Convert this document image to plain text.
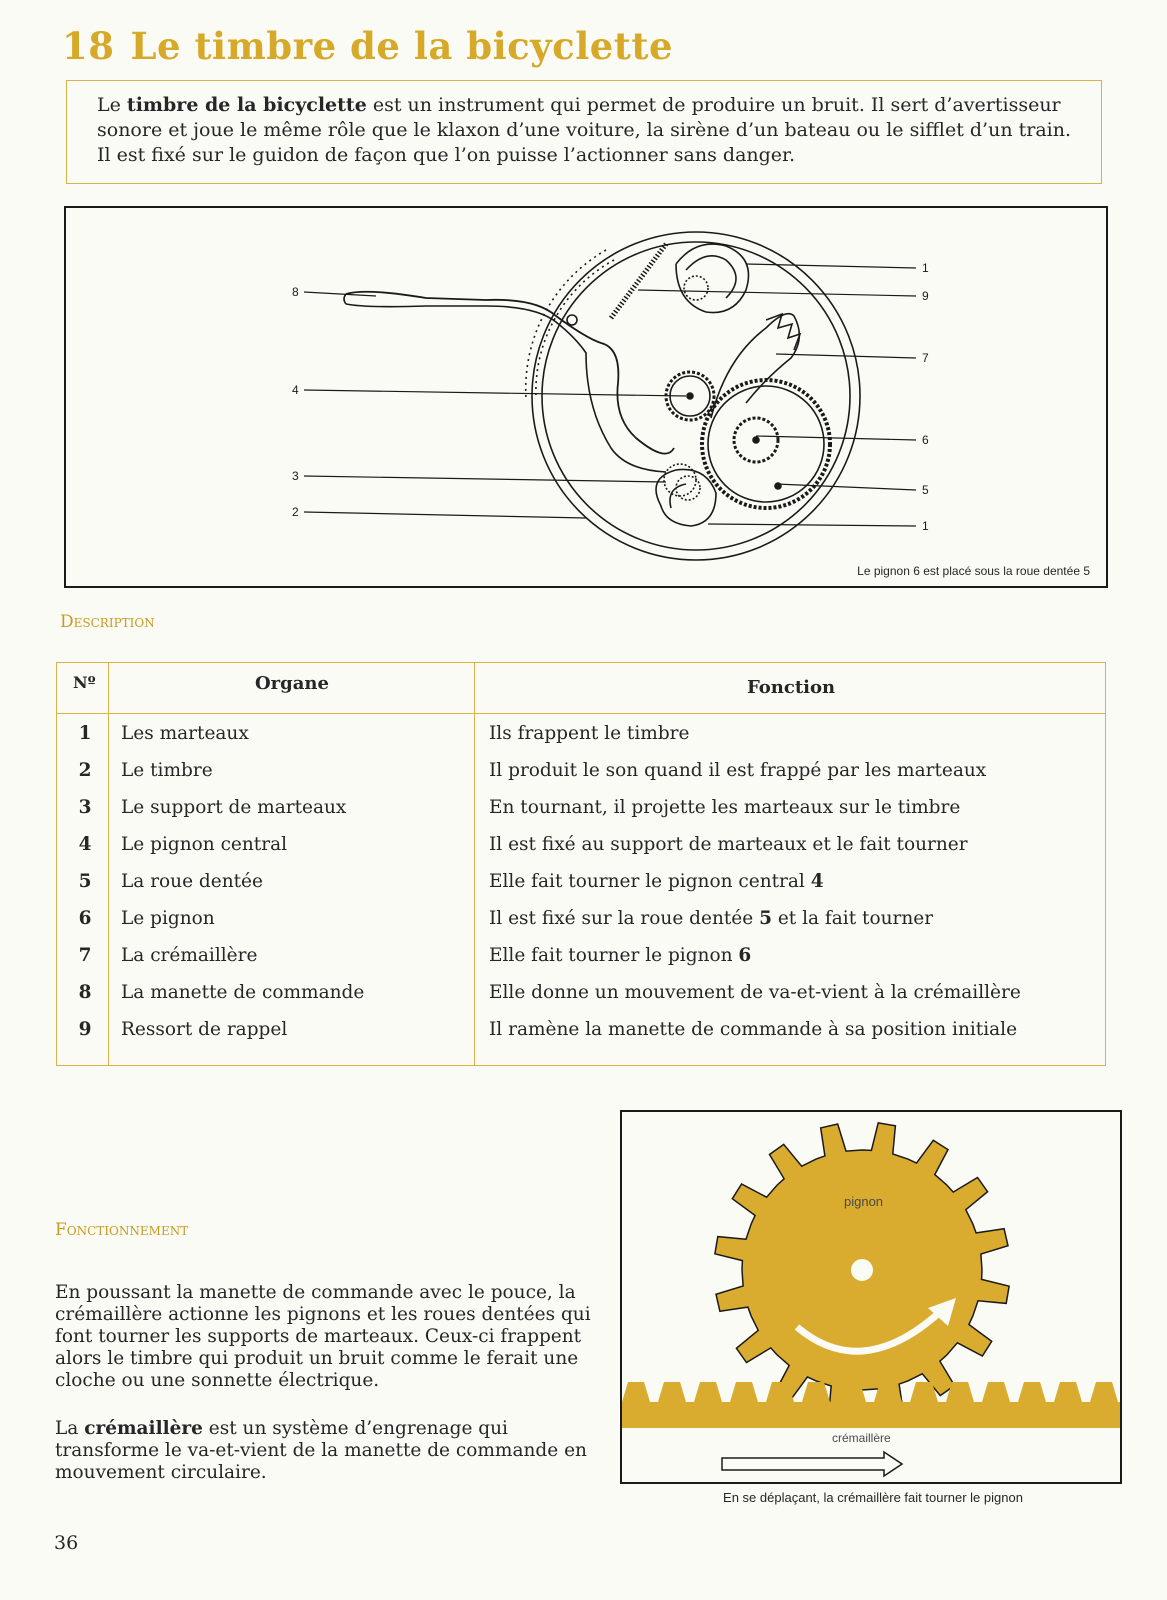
18 Le timbre de la bicyclette
Le timbre de la bicyclette est un instrument qui permet de produire un bruit. Il sert d’avertisseur sonore et joue le même rôle que le klaxon d’une voiture, la sirène d’un bateau ou le sifflet d’un train. Il est fixé sur le guidon de façon que l’on puisse l’actionner sans danger.
1
9
7
6
5
1
8
4
3
2
Le pignon 6 est placé sous la roue dentée 5
Description
Nº	Organe	Fonction
1	Les marteaux	Ils frappent le timbre
2	Le timbre	Il produit le son quand il est frappé par les marteaux
3	Le support de marteaux	En tournant, il projette les marteaux sur le timbre
4	Le pignon central	Il est fixé au support de marteaux et le fait tourner
5	La roue dentée	Elle fait tourner le pignon central 4
6	Le pignon	Il est fixé sur la roue dentée 5 et la fait tourner
7	La crémaillère	Elle fait tourner le pignon 6
8	La manette de commande	Elle donne un mouvement de va-et-vient à la crémaillère
9	Ressort de rappel	Il ramène la manette de commande à sa position initiale
Fonctionnement

En poussant la manette de commande avec le pouce, la crémaillère actionne les pignons et les roues dentées qui font tourner les supports de marteaux. Ceux-ci frappent alors le timbre qui produit un bruit comme le ferait une cloche ou une sonnette électrique.

La crémaillère est un système d’engrenage qui transforme le va-et-vient de la manette de commande en mouvement circulaire.

pignon
crémaillère
En se déplaçant, la crémaillère fait tourner le pignon
36
